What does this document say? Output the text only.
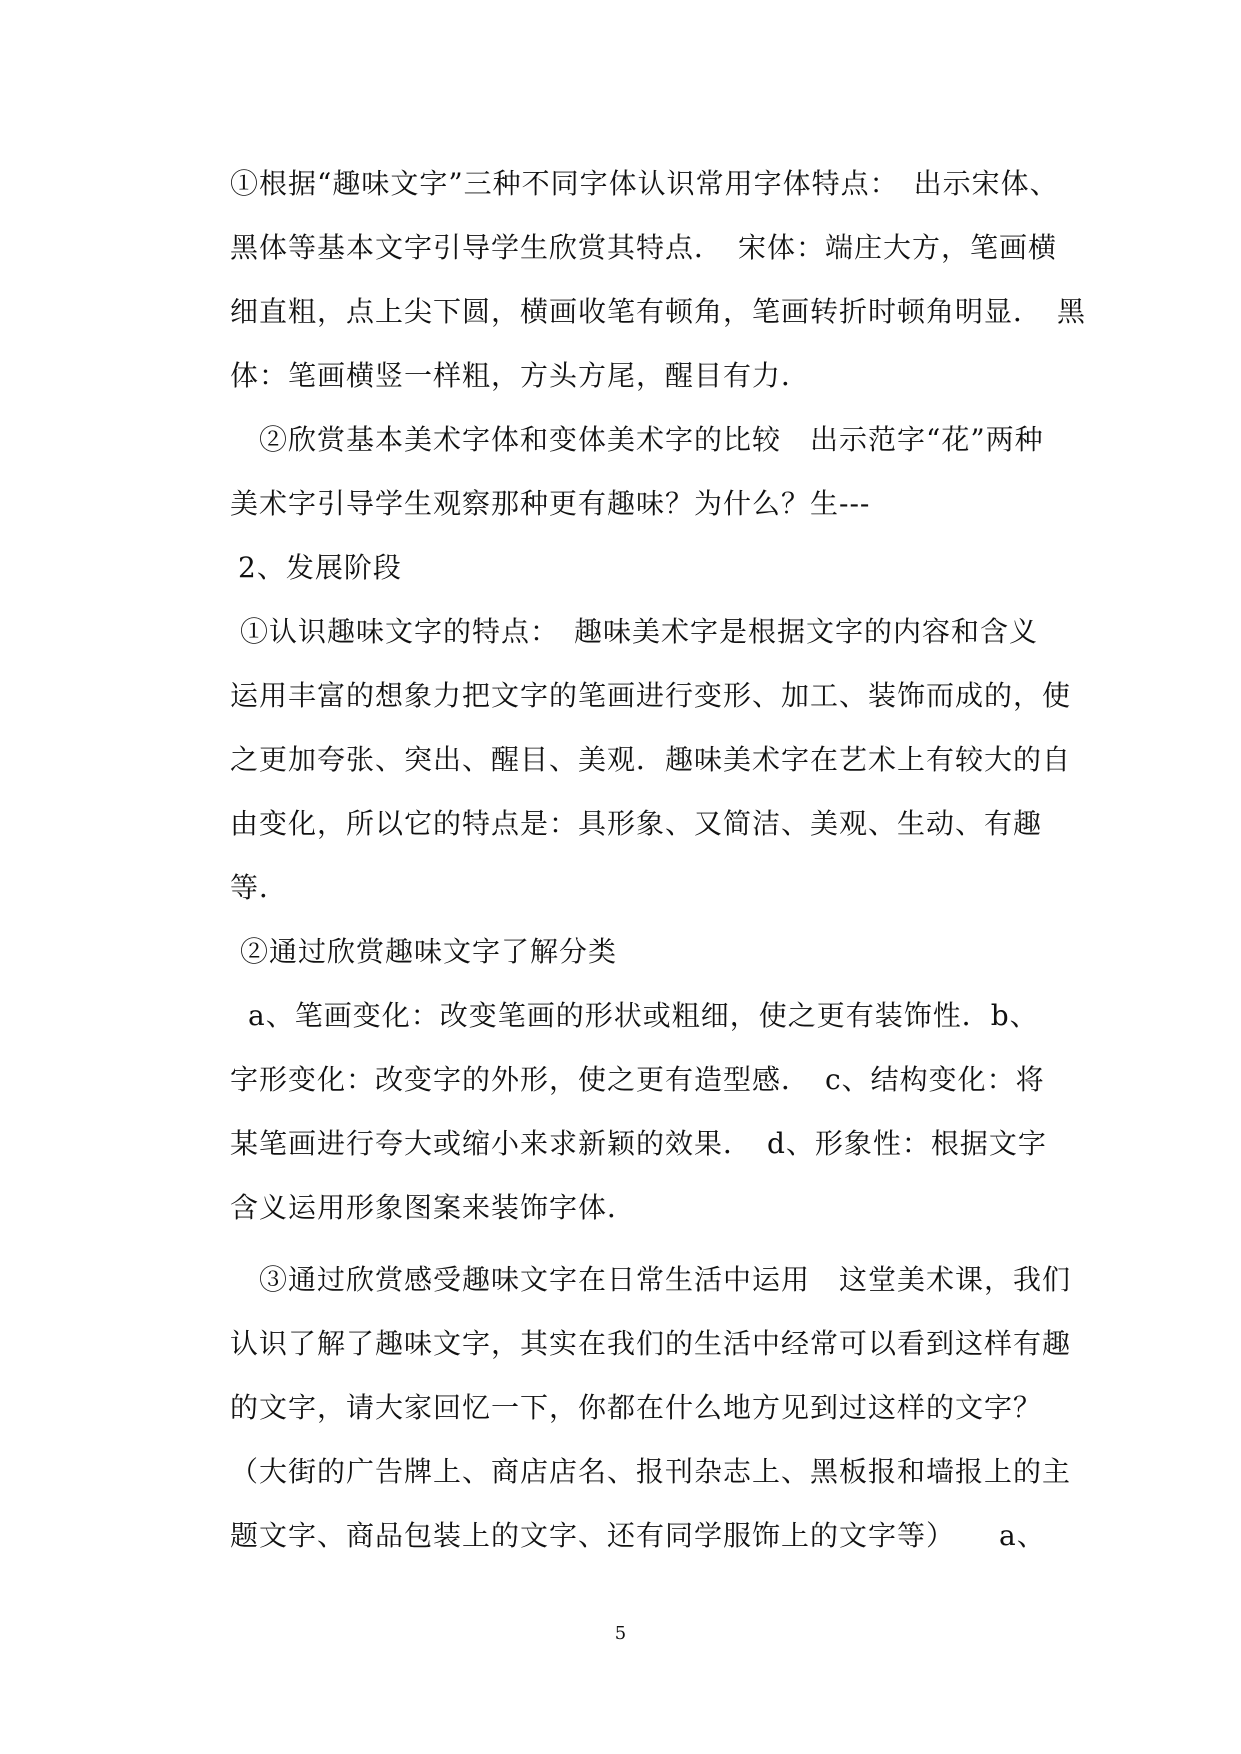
①根据“趣味文字”三种不同字体认识常用字体特点：　出示宋体、
黑体等基本文字引导学生欣赏其特点．　宋体：端庄大方，笔画横
细直粗，点上尖下圆，横画收笔有顿角，笔画转折时顿角明显．　黑
体：笔画横竖一样粗，方头方尾，醒目有力．
　②欣赏基本美术字体和变体美术字的比较　出示范字“花”两种
美术字引导学生观察那种更有趣味？为什么？生---
2、发展阶段
①认识趣味文字的特点：　趣味美术字是根据文字的内容和含义
运用丰富的想象力把文字的笔画进行变形、加工、装饰而成的，使
之更加夸张、突出、醒目、美观．趣味美术字在艺术上有较大的自
由变化，所以它的特点是：具形象、又简洁、美观、生动、有趣
等．
②通过欣赏趣味文字了解分类
a、笔画变化：改变笔画的形状或粗细，使之更有装饰性．b、
字形变化：改变字的外形，使之更有造型感．　c、结构变化：将
某笔画进行夸大或缩小来求新颖的效果．　d、形象性：根据文字
含义运用形象图案来装饰字体．
　③通过欣赏感受趣味文字在日常生活中运用　这堂美术课，我们
认识了解了趣味文字，其实在我们的生活中经常可以看到这样有趣
的文字，请大家回忆一下，你都在什么地方见到过这样的文字？
（大街的广告牌上、商店店名、报刊杂志上、黑板报和墙报上的主
题文字、商品包装上的文字、还有同学服饰上的文字等）　　a、
5
